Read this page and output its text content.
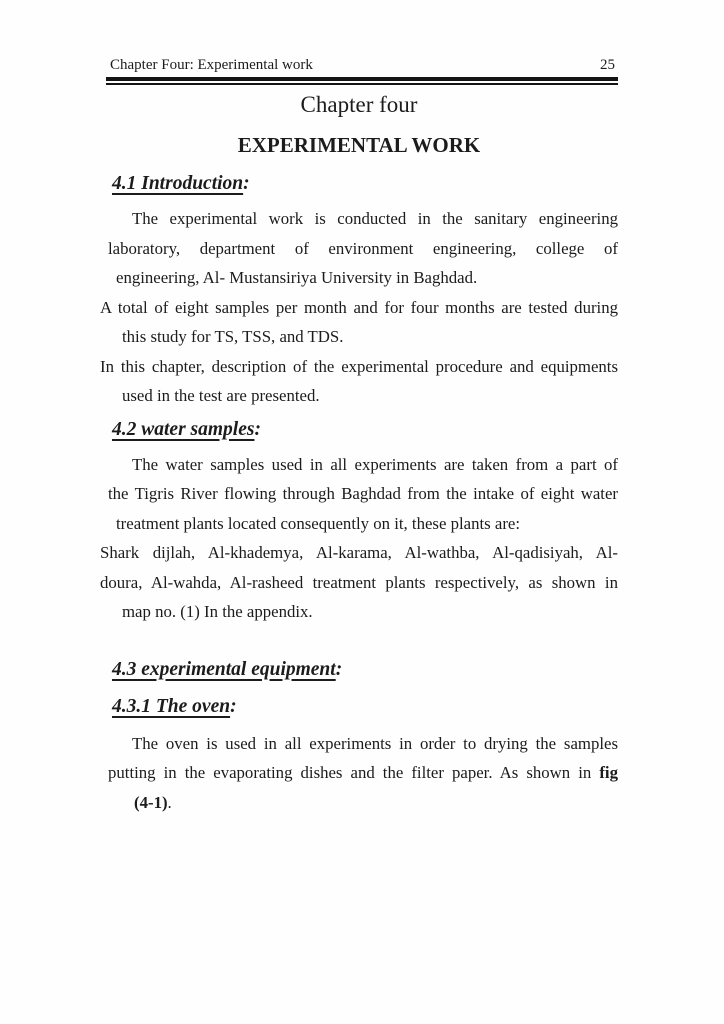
Chapter Four: Experimental work	25
Chapter four
EXPERIMENTAL WORK
4.1 Introduction:
The experimental work is conducted in the sanitary engineering
laboratory, department of environment engineering, college of
engineering, Al- Mustansiriya University in Baghdad.
A total of eight samples per month and for four months are tested during
this study for TS, TSS, and TDS.
In this chapter, description of the experimental procedure and equipments
used in the test are presented.
4.2 water samples:
The water samples used in all experiments are taken from a part of
the Tigris River flowing through Baghdad from the intake of eight water
treatment plants located consequently on it, these plants are:
Shark dijlah, Al-khademya, Al-karama, Al-wathba, Al-qadisiyah, Al-
doura, Al-wahda, Al-rasheed treatment plants respectively, as shown in
map no. (1) In the appendix.
4.3 experimental equipment:
4.3.1 The oven:
The oven is used in all experiments in order to drying the samples
putting in the evaporating dishes and the filter paper. As shown in fig
(4-1).
